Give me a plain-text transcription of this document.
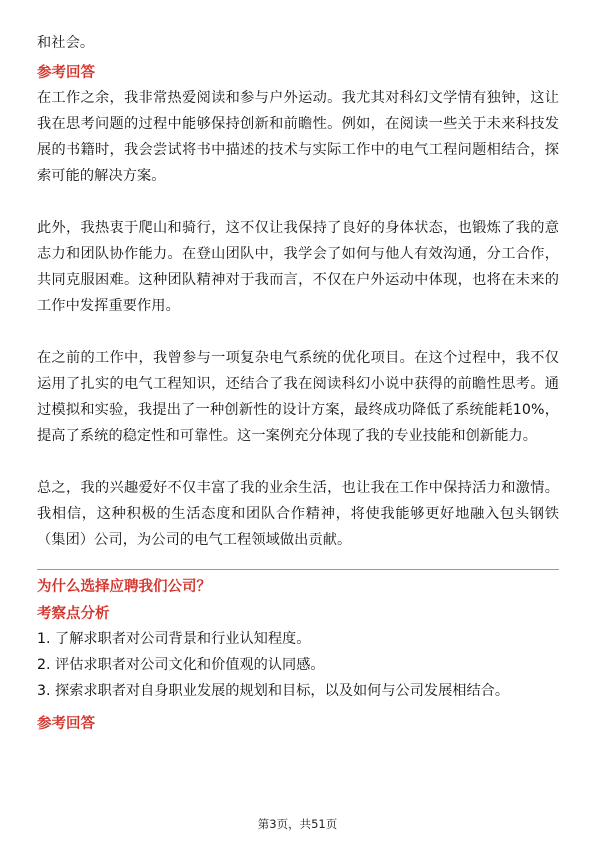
和社会。

参考回答

在工作之余，我非常热爱阅读和参与户外运动。我尤其对科幻文学情有独钟，这让我在思考问题的过程中能够保持创新和前瞻性。例如，在阅读一些关于未来科技发展的书籍时，我会尝试将书中描述的技术与实际工作中的电气工程问题相结合，探索可能的解决方案。

此外，我热衷于爬山和骑行，这不仅让我保持了良好的身体状态，也锻炼了我的意志力和团队协作能力。在登山团队中，我学会了如何与他人有效沟通，分工合作，共同克服困难。这种团队精神对于我而言，不仅在户外运动中体现，也将在未来的工作中发挥重要作用。

在之前的工作中，我曾参与一项复杂电气系统的优化项目。在这个过程中，我不仅运用了扎实的电气工程知识，还结合了我在阅读科幻小说中获得的前瞻性思考。通过模拟和实验，我提出了一种创新性的设计方案，最终成功降低了系统能耗10%，提高了系统的稳定性和可靠性。这一案例充分体现了我的专业技能和创新能力。

总之，我的兴趣爱好不仅丰富了我的业余生活，也让我在工作中保持活力和激情。我相信，这种积极的生活态度和团队合作精神，将使我能够更好地融入包头钢铁（集团）公司，为公司的电气工程领域做出贡献。

为什么选择应聘我们公司？
考察点分析

1. 了解求职者对公司背景和行业认知程度。

2. 评估求职者对公司文化和价值观的认同感。

3. 探索求职者对自身职业发展的规划和目标，以及如何与公司发展相结合。

参考回答
第3页，共51页
